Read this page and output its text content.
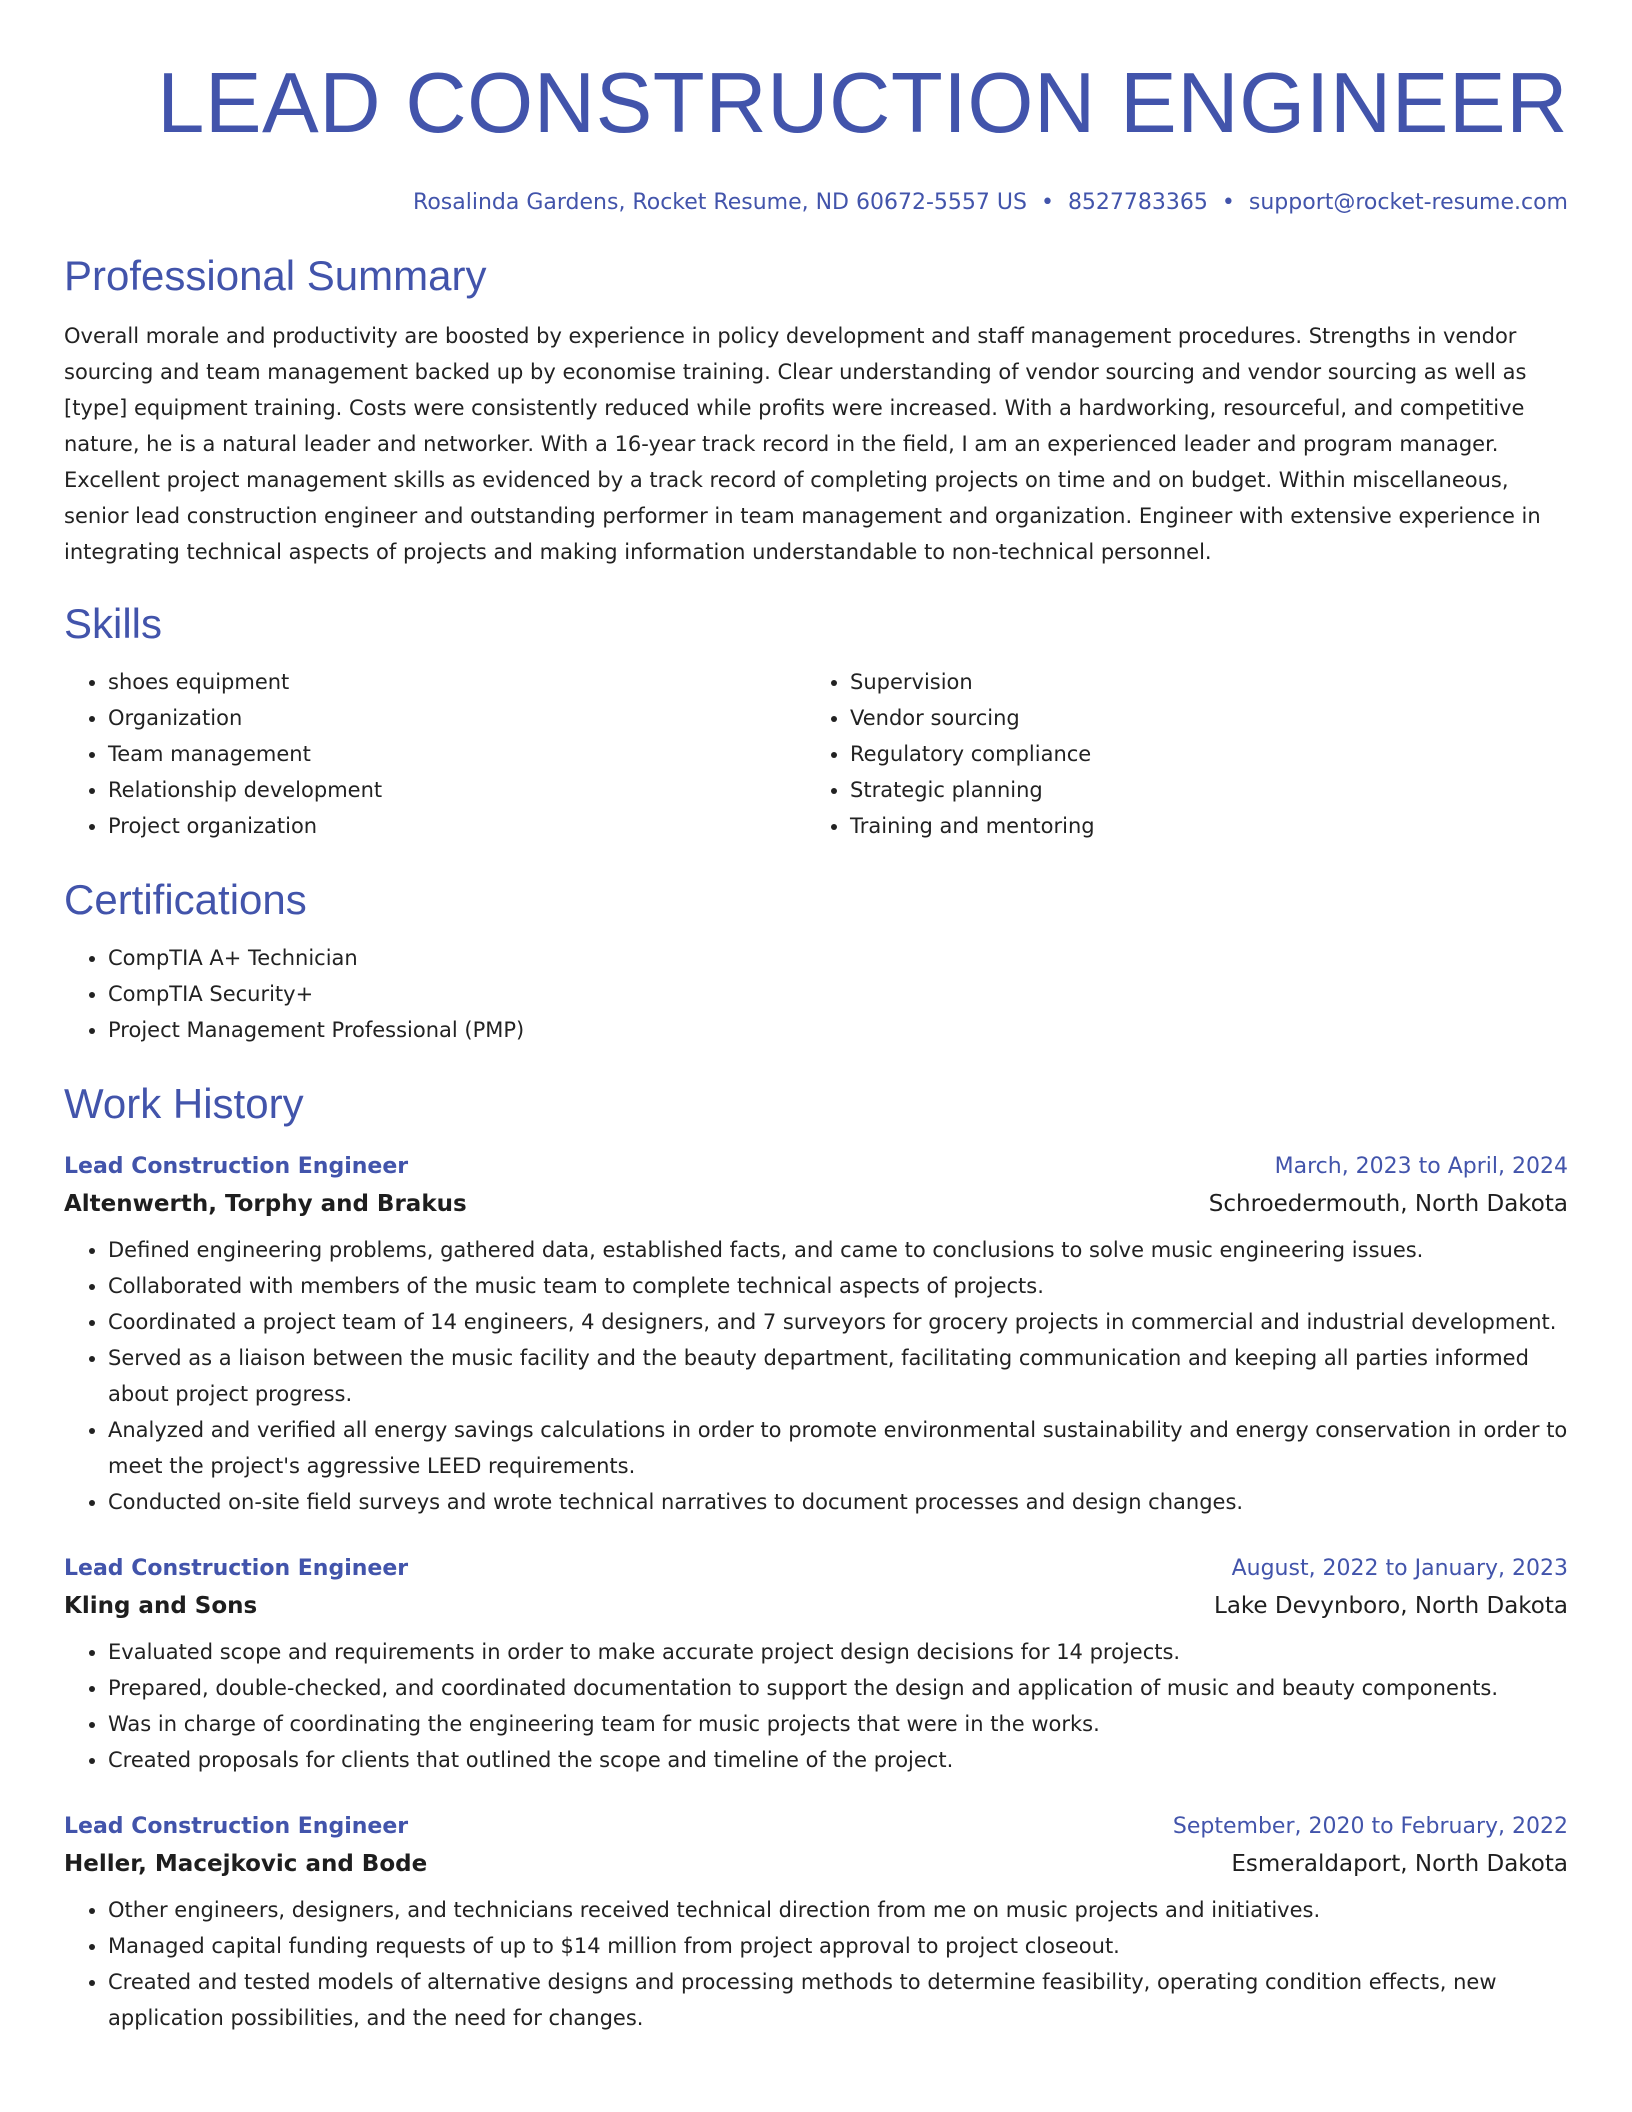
LEAD CONSTRUCTION ENGINEER
Rosalinda Gardens, Rocket Resume, ND 60672-5557 US • 8527783365 • support@rocket-resume.com
Professional Summary

Overall morale and productivity are boosted by experience in policy development and staff management procedures. Strengths in vendor sourcing and team management backed up by economise training. Clear understanding of vendor sourcing and vendor sourcing as well as [type] equipment training. Costs were consistently reduced while profits were increased. With a hardworking, resourceful, and competitive nature, he is a natural leader and networker. With a 16-year track record in the field, I am an experienced leader and program manager. Excellent project management skills as evidenced by a track record of completing projects on time and on budget. Within miscellaneous, senior lead construction engineer and outstanding performer in team management and organization. Engineer with extensive experience in integrating technical aspects of projects and making information understandable to non-technical personnel.

Skills
• shoes equipment
• Organization
• Team management
• Relationship development
• Project organization
• Supervision
• Vendor sourcing
• Regulatory compliance
• Strategic planning
• Training and mentoring
Certifications
• CompTIA A+ Technician
• CompTIA Security+
• Project Management Professional (PMP)
Work History
Lead Construction Engineer	March, 2023 to April, 2024
Altenwerth, Torphy and Brakus	Schroedermouth, North Dakota
• Defined engineering problems, gathered data, established facts, and came to conclusions to solve music engineering issues.
• Collaborated with members of the music team to complete technical aspects of projects.
• Coordinated a project team of 14 engineers, 4 designers, and 7 surveyors for grocery projects in commercial and industrial development.
• Served as a liaison between the music facility and the beauty department, facilitating communication and keeping all parties informed about project progress.
• Analyzed and verified all energy savings calculations in order to promote environmental sustainability and energy conservation in order to meet the project's aggressive LEED requirements.
• Conducted on-site field surveys and wrote technical narratives to document processes and design changes.
Lead Construction Engineer	August, 2022 to January, 2023
Kling and Sons	Lake Devynboro, North Dakota
• Evaluated scope and requirements in order to make accurate project design decisions for 14 projects.
• Prepared, double-checked, and coordinated documentation to support the design and application of music and beauty components.
• Was in charge of coordinating the engineering team for music projects that were in the works.
• Created proposals for clients that outlined the scope and timeline of the project.
Lead Construction Engineer	September, 2020 to February, 2022
Heller, Macejkovic and Bode	Esmeraldaport, North Dakota
• Other engineers, designers, and technicians received technical direction from me on music projects and initiatives.
• Managed capital funding requests of up to $14 million from project approval to project closeout.
• Created and tested models of alternative designs and processing methods to determine feasibility, operating condition effects, new application possibilities, and the need for changes.
